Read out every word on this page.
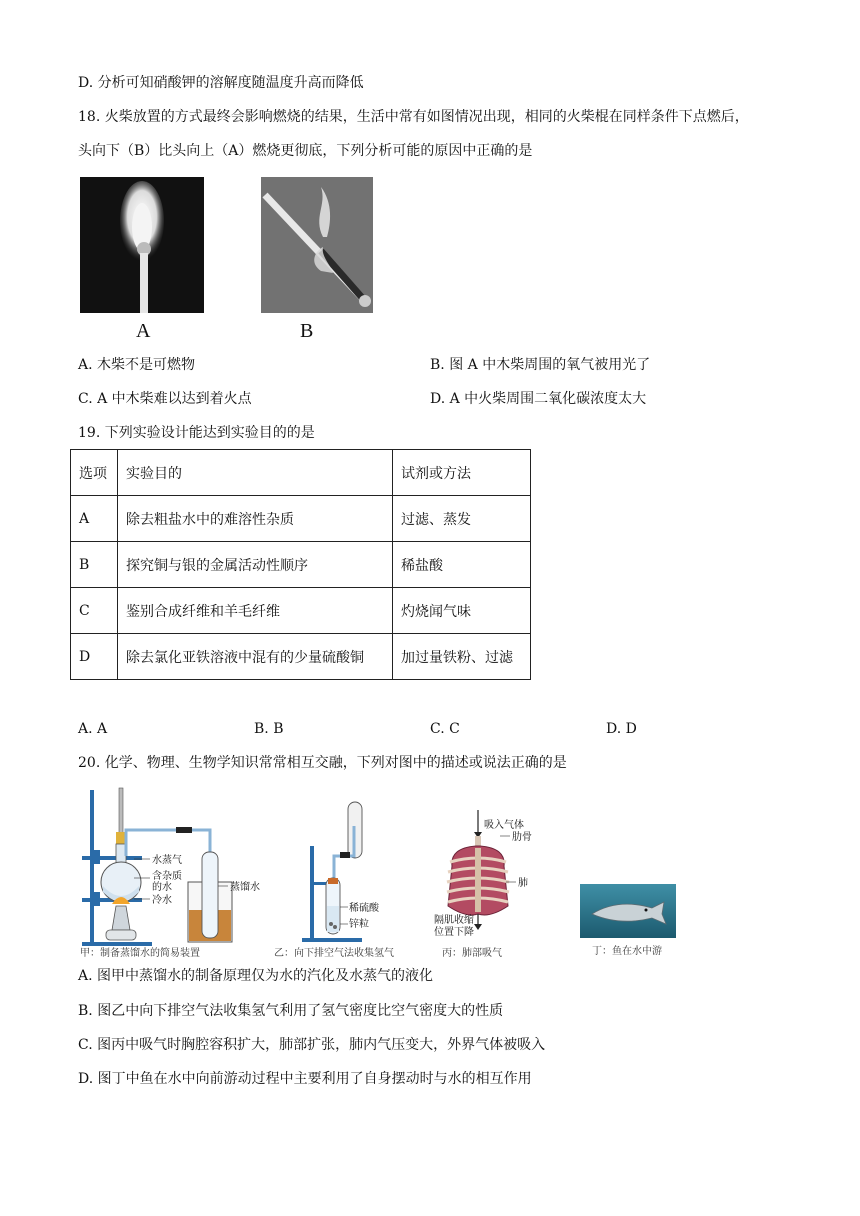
D. 分析可知硝酸钾的溶解度随温度升高而降低
18. 火柴放置的方式最终会影响燃烧的结果，生活中常有如图情况出现，相同的火柴棍在同样条件下点燃后，
头向下（B）比头向上（A）燃烧更彻底，下列分析可能的原因中正确的是
A	B
A. 木柴不是可燃物	B. 图 A 中木柴周围的氧气被用光了
C. A 中木柴难以达到着火点	D. A 中火柴周围二氧化碳浓度太大
19. 下列实验设计能达到实验目的的是
选项	实验目的	试剂或方法
A	除去粗盐水中的难溶性杂质	过滤、蒸发
B	探究铜与银的金属活动性顺序	稀盐酸
C	鉴别合成纤维和羊毛纤维	灼烧闻气味
D	除去氯化亚铁溶液中混有的少量硫酸铜	加过量铁粉、过滤
A. A	B. B	C. C	D. D
20. 化学、物理、生物学知识常常相互交融，下列对图中的描述或说法正确的是
水蒸气
含杂质
的水
冷水
蒸馏水
甲：制备蒸馏水的简易装置
稀硫酸
锌粒
乙：向下排空气法收集氢气
吸入气体
肋骨
肺
隔肌收缩
位置下降
丙：肺部吸气	丁：鱼在水中游
A. 图甲中蒸馏水的制备原理仅为水的汽化及水蒸气的液化
B. 图乙中向下排空气法收集氢气利用了氢气密度比空气密度大的性质
C. 图丙中吸气时胸腔容积扩大，肺部扩张，肺内气压变大，外界气体被吸入
D. 图丁中鱼在水中向前游动过程中主要利用了自身摆动时与水的相互作用
